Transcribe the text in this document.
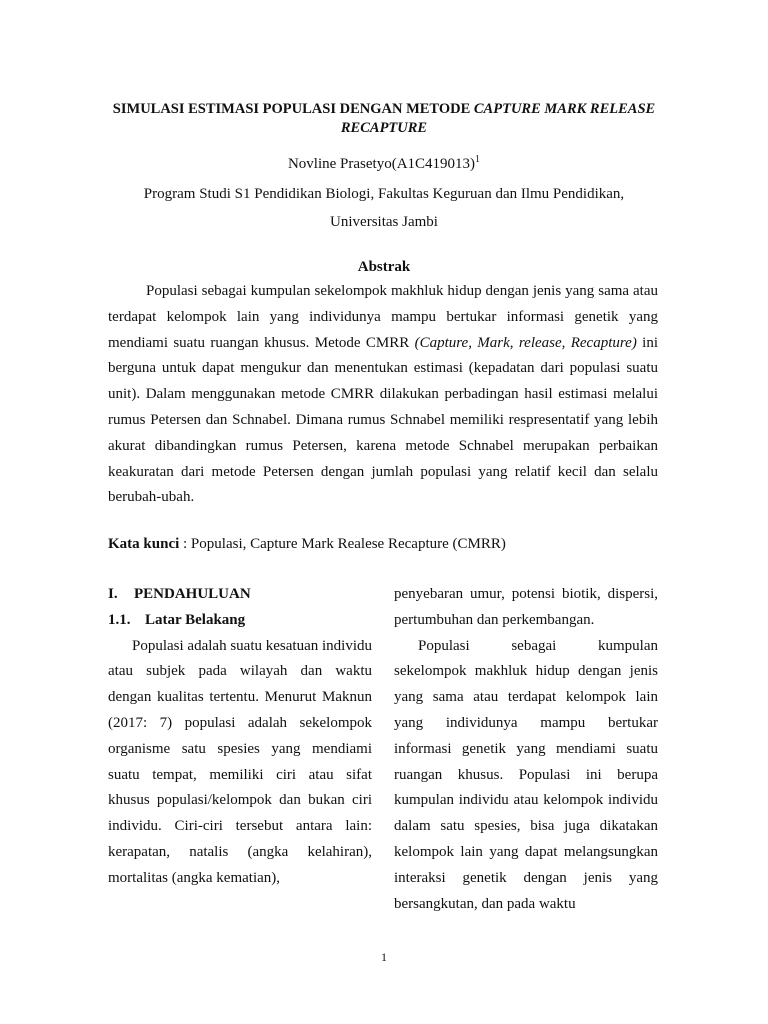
SIMULASI ESTIMASI POPULASI DENGAN METODE CAPTURE MARK RELEASE RECAPTURE
Novline $Prasetyo(A1C419013)^1$
Program Studi S1 Pendidikan Biologi, Fakultas Keguruan dan Ilmu Pendidikan,
Universitas Jambi
Abstrak
Populasi sebagai kumpulan sekelompok makhluk hidup dengan jenis yang sama atau terdapat kelompok lain yang individunya mampu bertukar informasi genetik yang mendiami suatu ruangan khusus. Metode CMRR (Capture, Mark, release, Recapture) ini berguna untuk dapat mengukur dan menentukan estimasi (kepadatan dari populasi suatu unit). Dalam menggunakan metode CMRR dilakukan perbadingan hasil estimasi melalui rumus Petersen dan Schnabel. Dimana rumus Schnabel memiliki respresentatif yang lebih akurat dibandingkan rumus Petersen, karena metode Schnabel merupakan perbaikan keakuratan dari metode Petersen dengan jumlah populasi yang relatif kecil dan selalu berubah-ubah.
Kata kunci : Populasi, Capture Mark Realese Recapture (CMRR)
I. PENDAHULUAN
1.1. Latar Belakang

Populasi adalah suatu kesatuan individu atau subjek pada wilayah dan waktu dengan kualitas tertentu. Menurut Maknun (2017: 7) populasi adalah sekelompok organisme satu spesies yang mendiami suatu tempat, memiliki ciri atau sifat khusus populasi/kelompok dan bukan ciri individu. Ciri-ciri tersebut antara lain: kerapatan, natalis (angka kelahiran), mortalitas (angka kematian),

penyebaran umur, potensi biotik, dispersi, pertumbuhan dan perkembangan.

Populasi sebagai kumpulan sekelompok makhluk hidup dengan jenis yang sama atau terdapat kelompok lain yang individunya mampu bertukar informasi genetik yang mendiami suatu ruangan khusus. Populasi ini berupa kumpulan individu atau kelompok individu dalam satu spesies, bisa juga dikatakan kelompok lain yang dapat melangsungkan interaksi genetik dengan jenis yang bersangkutan, dan pada waktu

1
